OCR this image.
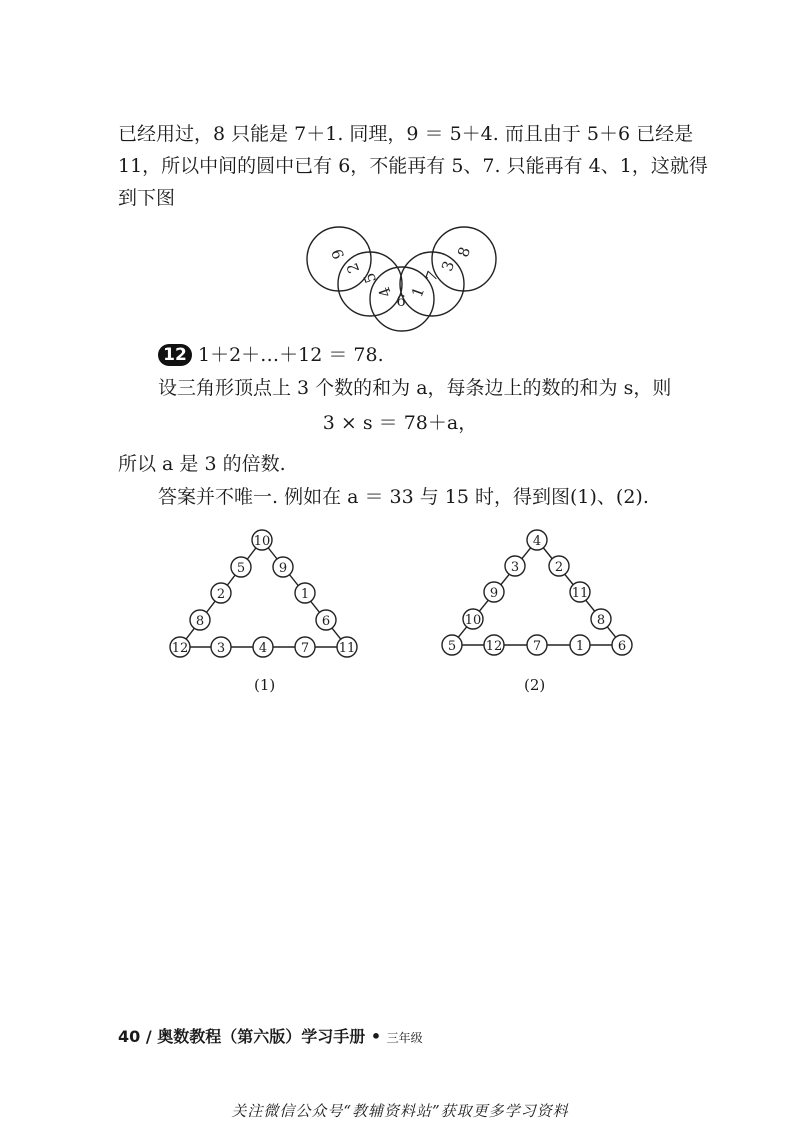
已经用过，8 只能是 7＋1. 同理，9 ＝ 5＋4. 而且由于 5＋6 已经是

11，所以中间的圆中已有 6，不能再有 5、7. 只能再有 4、1，这就得

到下图

9
2
5
4 6 1
7
3
8

12 1＋2＋…＋12 ＝ 78.

设三角形顶点上 3 个数的和为 a，每条边上的数的和为 s，则

3 × s ＝ 78＋a，

所以 a 是 3 的倍数.

答案并不唯一. 例如在 a ＝ 33 与 15 时，得到图(1)、(2).

10
5
2
8
12
9
1
6
11
3	4	7
(1)
4
3
9
10
5
2
11
8
6
12 7	1
(2)
40 / 奥数教程（第六版）学习手册 • 三年级
关注微信公众号“教辅资料站”获取更多学习资料
